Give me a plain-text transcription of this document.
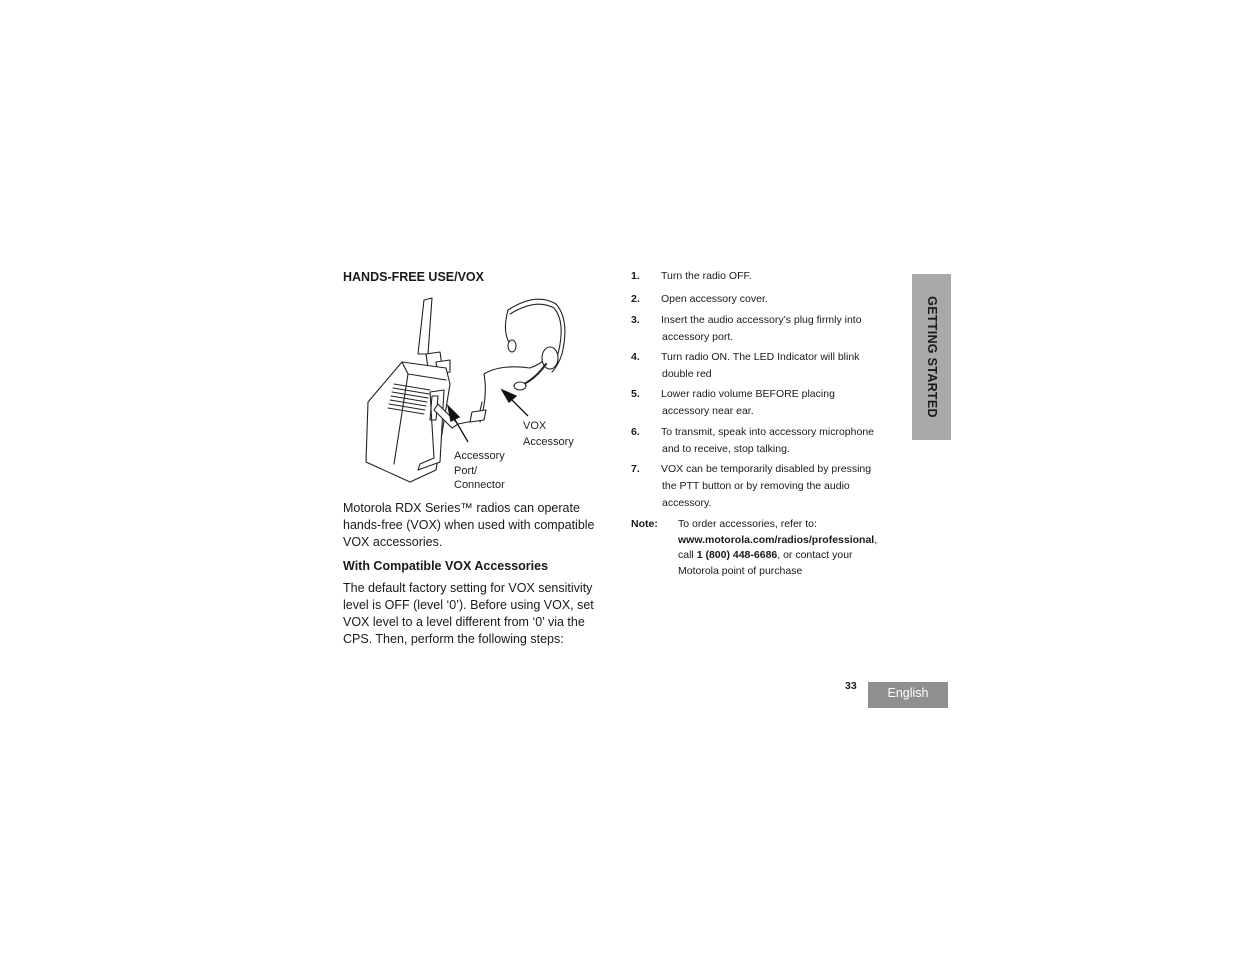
HANDS-FREE USE/VOX
VOX
Accessory
Accessory
Port/
Connector
Motorola RDX Series™ radios can operate
hands-free (VOX) when used with compatible
VOX accessories.
With Compatible VOX Accessories
The default factory setting for VOX sensitivity
level is OFF (level ‘0’). Before using VOX, set
VOX level to a level different from ‘0’ via the
CPS. Then, perform the following steps:
1.	Turn the radio OFF.
2.	Open accessory cover.
3.	Insert the audio accessory’s plug firmly into
accessory port.
4.	Turn radio ON. The LED Indicator will blink
double red
5.	Lower radio volume BEFORE placing
accessory near ear.
6.	To transmit, speak into accessory microphone
and to receive, stop talking.
7.	VOX can be temporarily disabled by pressing
the PTT button or by removing the audio
accessory.
Note: To order accessories, refer to:
www.motorola.com/radios/professional,
call 1 (800) 448-6686, or contact your
Motorola point of purchase
GETTING STARTED
33	English
